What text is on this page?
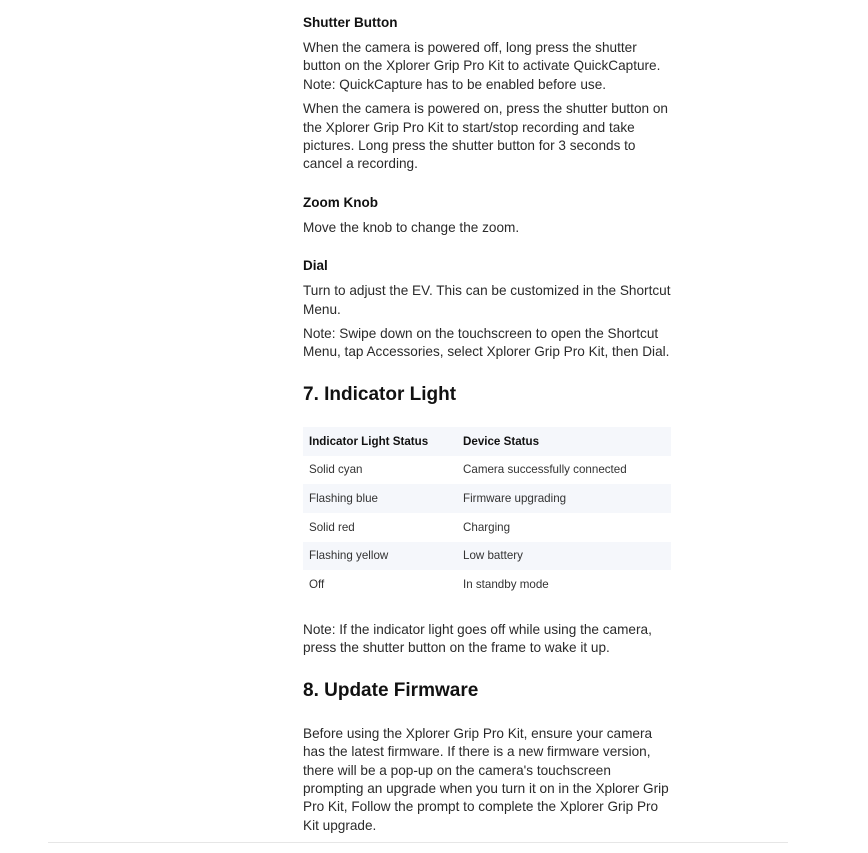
Shutter Button

When the camera is powered off, long press the shutter button on the Xplorer Grip Pro Kit to activate QuickCapture. Note: QuickCapture has to be enabled before use.

When the camera is powered on, press the shutter button on the Xplorer Grip Pro Kit to start/stop recording and take pictures. Long press the shutter button for 3 seconds to cancel a recording.

Zoom Knob

Move the knob to change the zoom.

Dial

Turn to adjust the EV. This can be customized in the Shortcut Menu.

Note: Swipe down on the touchscreen to open the Shortcut Menu, tap Accessories, select Xplorer Grip Pro Kit, then Dial.

7. Indicator Light
Indicator Light Status	Device Status
Solid cyan	Camera successfully connected
Flashing blue	Firmware upgrading
Solid red	Charging
Flashing yellow	Low battery
Off	In standby mode

Note: If the indicator light goes off while using the camera, press the shutter button on the frame to wake it up.

8. Update Firmware

Before using the Xplorer Grip Pro Kit, ensure your camera has the latest firmware. If there is a new firmware version, there will be a pop-up on the camera's touchscreen prompting an upgrade when you turn it on in the Xplorer Grip Pro Kit, Follow the prompt to complete the Xplorer Grip Pro Kit upgrade.
